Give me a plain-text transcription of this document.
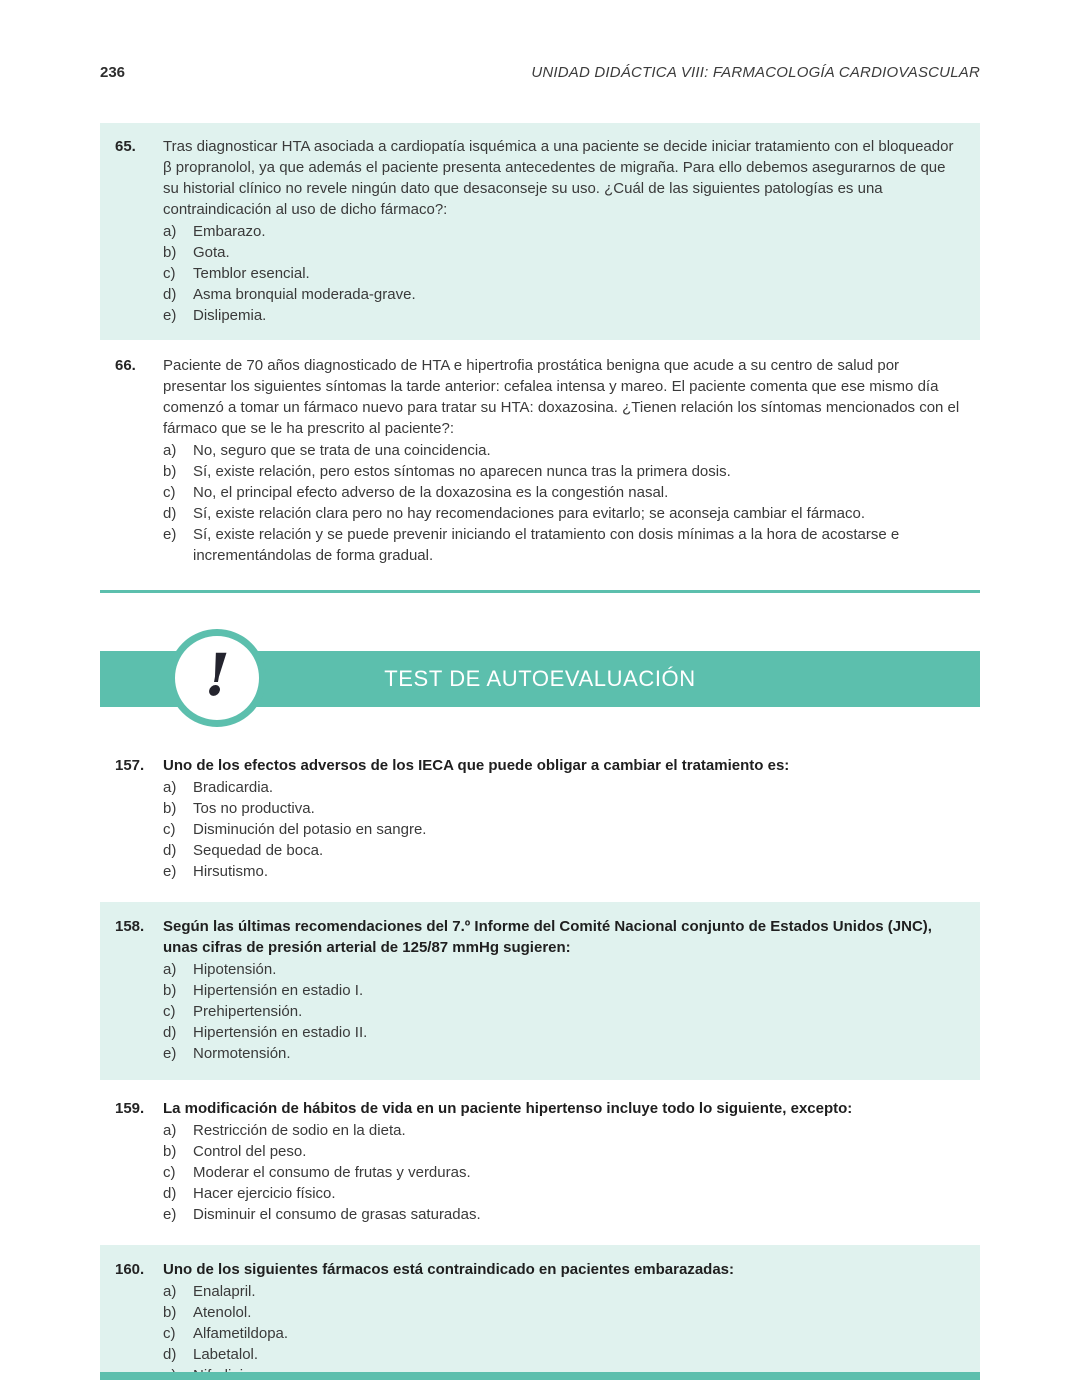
236	UNIDAD DIDÁCTICA VIII: FARMACOLOGÍA CARDIOVASCULAR
65.	Tras diagnosticar HTA asociada a cardiopatía isquémica a una paciente se decide iniciar tratamiento con el bloqueador β propranolol, ya que además el paciente presenta antecedentes de migraña. Para ello debemos asegurarnos de que su historial clínico no revele ningún dato que desaconseje su uso. ¿Cuál de las siguientes patologías es una contraindicación al uso de dicho fármaco?:
a)	Embarazo.
b)	Gota.
c)	Temblor esencial.
d)	Asma bronquial moderada-grave.
e)	Dislipemia.
66.	Paciente de 70 años diagnosticado de HTA e hipertrofia prostática benigna que acude a su centro de salud por presentar los siguientes síntomas la tarde anterior: cefalea intensa y mareo. El paciente comenta que ese mismo día comenzó a tomar un fármaco nuevo para tratar su HTA: doxazosina. ¿Tienen relación los síntomas mencionados con el fármaco que se le ha prescrito al paciente?:
a)	No, seguro que se trata de una coincidencia.
b)	Sí, existe relación, pero estos síntomas no aparecen nunca tras la primera dosis.
c)	No, el principal efecto adverso de la doxazosina es la congestión nasal.
d)	Sí, existe relación clara pero no hay recomendaciones para evitarlo; se aconseja cambiar el fármaco.
e)	Sí, existe relación y se puede prevenir iniciando el tratamiento con dosis mínimas a la hora de acostarse e incrementándolas de forma gradual.
!	TEST DE AUTOEVALUACIÓN
157.	Uno de los efectos adversos de los IECA que puede obligar a cambiar el tratamiento es:
a)	Bradicardia.
b)	Tos no productiva.
c)	Disminución del potasio en sangre.
d)	Sequedad de boca.
e)	Hirsutismo.
158.	Según las últimas recomendaciones del 7.º Informe del Comité Nacional conjunto de Estados Unidos (JNC), unas cifras de presión arterial de 125/87 mmHg sugieren:
a)	Hipotensión.
b)	Hipertensión en estadio I.
c)	Prehipertensión.
d)	Hipertensión en estadio II.
e)	Normotensión.
159.	La modificación de hábitos de vida en un paciente hipertenso incluye todo lo siguiente, excepto:
a)	Restricción de sodio en la dieta.
b)	Control del peso.
c)	Moderar el consumo de frutas y verduras.
d)	Hacer ejercicio físico.
e)	Disminuir el consumo de grasas saturadas.
160.	Uno de los siguientes fármacos está contraindicado en pacientes embarazadas:
a)	Enalapril.
b)	Atenolol.
c)	Alfametildopa.
d)	Labetalol.
